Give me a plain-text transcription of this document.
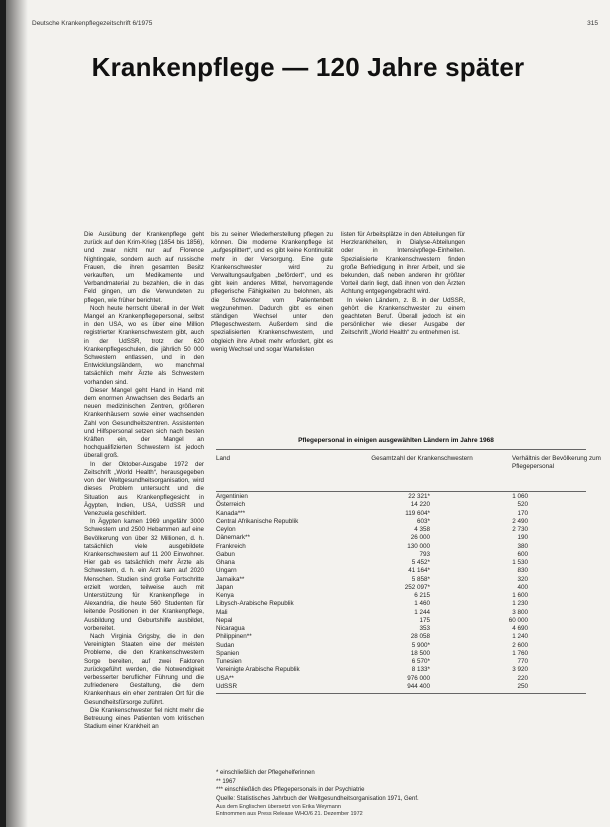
Deutsche Krankenpflegezeitschrift 6/1975	315
Krankenpflege — 120 Jahre später

Die Ausübung der Krankenpflege geht zurück auf den Krim-Krieg (1854 bis 1856), und zwar nicht nur auf Florence Nightingale, sondern auch auf russische Frauen, die ihren gesamten Besitz verkauften, um Medikamente und Verbandmaterial zu bezahlen, die in das Feld gingen, um die Verwundeten zu pflegen, wie früher berichtet.

Noch heute herrscht überall in der Welt Mangel an Krankenpflegepersonal, selbst in den USA, wo es über eine Million registrierter Krankenschwestern gibt, auch in der UdSSR, trotz der 620 Krankenpflegeschulen, die jährlich 50 000 Schwestern entlassen, und in den Entwicklungsländern, wo manchmal tatsächlich mehr Ärzte als Schwestern vorhanden sind.

Dieser Mangel geht Hand in Hand mit dem enormen Anwachsen des Bedarfs an neuen medizinischen Zentren, größeren Krankenhäusern sowie einer wachsenden Zahl von Gesundheitszentren. Assistenten und Hilfspersonal setzen sich nach besten Kräften ein, der Mangel an hochqualifizierten Schwestern ist jedoch überall groß.

In der Oktober-Ausgabe 1972 der Zeitschrift „World Health“, herausgegeben von der Weltgesundheitsorganisation, wird dieses Problem untersucht und die Situation aus Krankenpflegesicht in Ägypten, Indien, USA, UdSSR und Venezuela geschildert.

In Ägypten kamen 1969 ungefähr 3000 Schwestern und 2500 Hebammen auf eine Bevölkerung von über 32 Millionen, d. h. tatsächlich viele ausgebildete Krankenschwestern auf 11 200 Einwohner. Hier gab es tatsächlich mehr Ärzte als Schwestern, d. h. ein Arzt kam auf 2020 Menschen. Studien sind große Fortschritte erzielt worden, teilweise auch mit Unterstützung für Krankenpflege in Alexandria, die heute 560 Studenten für leitende Positionen in der Krankenpflege, Ausbildung und Geburtshilfe ausbildet, vorbereitet.

Nach Virginia Grigsby, die in den Vereinigten Staaten eine der meisten Probleme, die den Krankenschwestern Sorge bereiten, auf zwei Faktoren zurückgeführt werden, die Notwendigkeit verbesserter beruflicher Führung und die zufriedenere Gestaltung, die dem Krankenhaus ein eher zentralen Ort für die Gesundheitsfürsorge zuführt.

Die Krankenschwester fiel nicht mehr die Betreuung eines Patienten vom kritischen Stadium einer Krankheit an

bis zu seiner Wiederherstellung pflegen zu können. Die moderne Krankenpflege ist „aufgesplittert“, und es gibt keine Kontinuität mehr in der Versorgung. Eine gute Krankenschwester wird zu Verwaltungsaufgaben „befördert“, und es gibt kein anderes Mittel, hervorragende pflegerische Fähigkeiten zu belohnen, als die Schwester vom Patientenbett wegzunehmen. Dadurch gibt es einen ständigen Wechsel unter den Pflegeschwestern. Außerdem sind die spezialisierten Krankenschwestern, und obgleich ihre Arbeit mehr erfordert, gibt es wenig Wechsel und sogar Wartelisten

listen für Arbeitsplätze in den Abteilungen für Herzkrankheiten, in Dialyse-Abteilungen oder in Intensivpflege-Einheiten. Spezialisierte Krankenschwestern finden große Befriedigung in ihrer Arbeit, und sie bekunden, daß neben anderen ihr größter Vorteil darin liegt, daß ihnen von den Ärzten Achtung entgegengebracht wird.

In vielen Ländern, z. B. in der UdSSR, gehört die Krankenschwester zu einem geachteten Beruf. Überall jedoch ist ein persönlicher wie dieser Ausgabe der Zeitschrift „World Health“ zu entnehmen ist.

Pflegepersonal in einigen ausgewählten Ländern im Jahre 1968
Land	Gesamtzahl der Krankenschwestern	Verhältnis der Bevölkerung zum Pflegepersonal
Argentinien	22 321*	1 060
Österreich	14 220	520
Kanada***	119 604*	170
Central Afrikanische Republik	603*	2 490
Ceylon	4 358	2 730
Dänemark**	26 000	190
Frankreich	130 000	380
Gabun	793	600
Ghana	5 452*	1 530
Ungarn	41 164*	830
Jamaika**	5 858*	320
Japan	252 097*	400
Kenya	6 215	1 600
Libysch-Arabische Republik	1 460	1 230
Mali	1 244	3 800
Nepal	175	60 000
Nicaragua	353	4 690
Philippinen**	28 058	1 240
Sudan	5 900*	2 600
Spanien	18 500	1 760
Tunesien	6 570*	770
Vereinigte Arabische Republik	8 133*	3 920
USA**	976 000	220
UdSSR	944 400	250
* einschließlich der Pflegehelferinnen
** 1967
*** einschließlich des Pflegepersonals in der Psychiatrie
Quelle: Statistisches Jahrbuch der Weltgesundheitsorganisation 1971, Genf.
Aus dem Englischen übersetzt von Erika Weymann
Entnommen aus Press Release WHO/6 21. Dezember 1972
